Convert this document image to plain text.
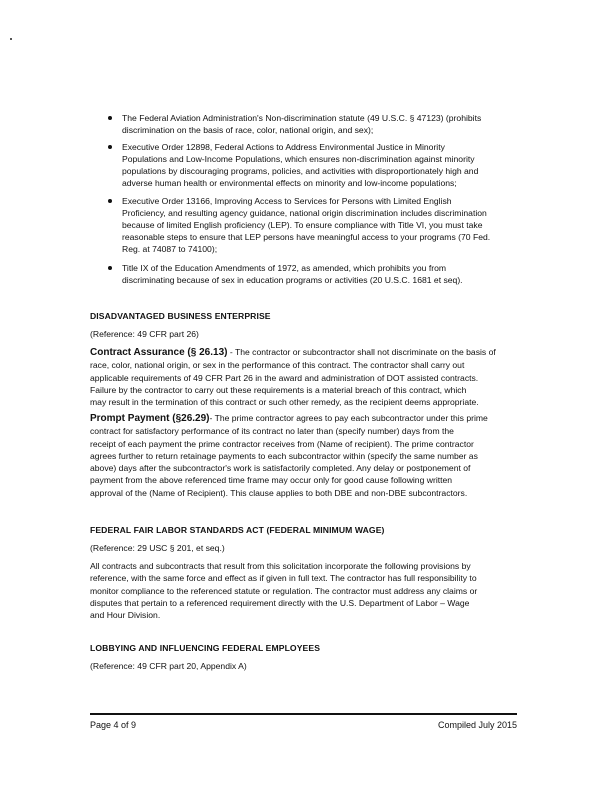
The Federal Aviation Administration's Non-discrimination statute (49 U.S.C. § 47123) (prohibits
discrimination on the basis of race, color, national origin, and sex);
Executive Order 12898, Federal Actions to Address Environmental Justice in Minority
Populations and Low-Income Populations, which ensures non-discrimination against minority
populations by discouraging programs, policies, and activities with disproportionately high and
adverse human health or environmental effects on minority and low-income populations;
Executive Order 13166, Improving Access to Services for Persons with Limited English
Proficiency, and resulting agency guidance, national origin discrimination includes discrimination
because of limited English proficiency (LEP). To ensure compliance with Title VI, you must take
reasonable steps to ensure that LEP persons have meaningful access to your programs (70 Fed.
Reg. at 74087 to 74100);
Title IX of the Education Amendments of 1972, as amended, which prohibits you from
discriminating because of sex in education programs or activities (20 U.S.C. 1681 et seq).
DISADVANTAGED BUSINESS ENTERPRISE
(Reference: 49 CFR part 26)
Contract Assurance (§ 26.13) - The contractor or subcontractor shall not discriminate on the basis of
race, color, national origin, or sex in the performance of this contract. The contractor shall carry out
applicable requirements of 49 CFR Part 26 in the award and administration of DOT assisted contracts.
Failure by the contractor to carry out these requirements is a material breach of this contract, which
may result in the termination of this contract or such other remedy, as the recipient deems appropriate.
Prompt Payment (§26.29)- The prime contractor agrees to pay each subcontractor under this prime
contract for satisfactory performance of its contract no later than (specify number) days from the
receipt of each payment the prime contractor receives from (Name of recipient). The prime contractor
agrees further to return retainage payments to each subcontractor within (specify the same number as
above) days after the subcontractor's work is satisfactorily completed. Any delay or postponement of
payment from the above referenced time frame may occur only for good cause following written
approval of the (Name of Recipient). This clause applies to both DBE and non-DBE subcontractors.
FEDERAL FAIR LABOR STANDARDS ACT (FEDERAL MINIMUM WAGE)
(Reference: 29 USC § 201, et seq.)
All contracts and subcontracts that result from this solicitation incorporate the following provisions by
reference, with the same force and effect as if given in full text. The contractor has full responsibility to
monitor compliance to the referenced statute or regulation. The contractor must address any claims or
disputes that pertain to a referenced requirement directly with the U.S. Department of Labor – Wage
and Hour Division.
LOBBYING AND INFLUENCING FEDERAL EMPLOYEES
(Reference: 49 CFR part 20, Appendix A)
Page 4 of 9	Compiled July 2015
